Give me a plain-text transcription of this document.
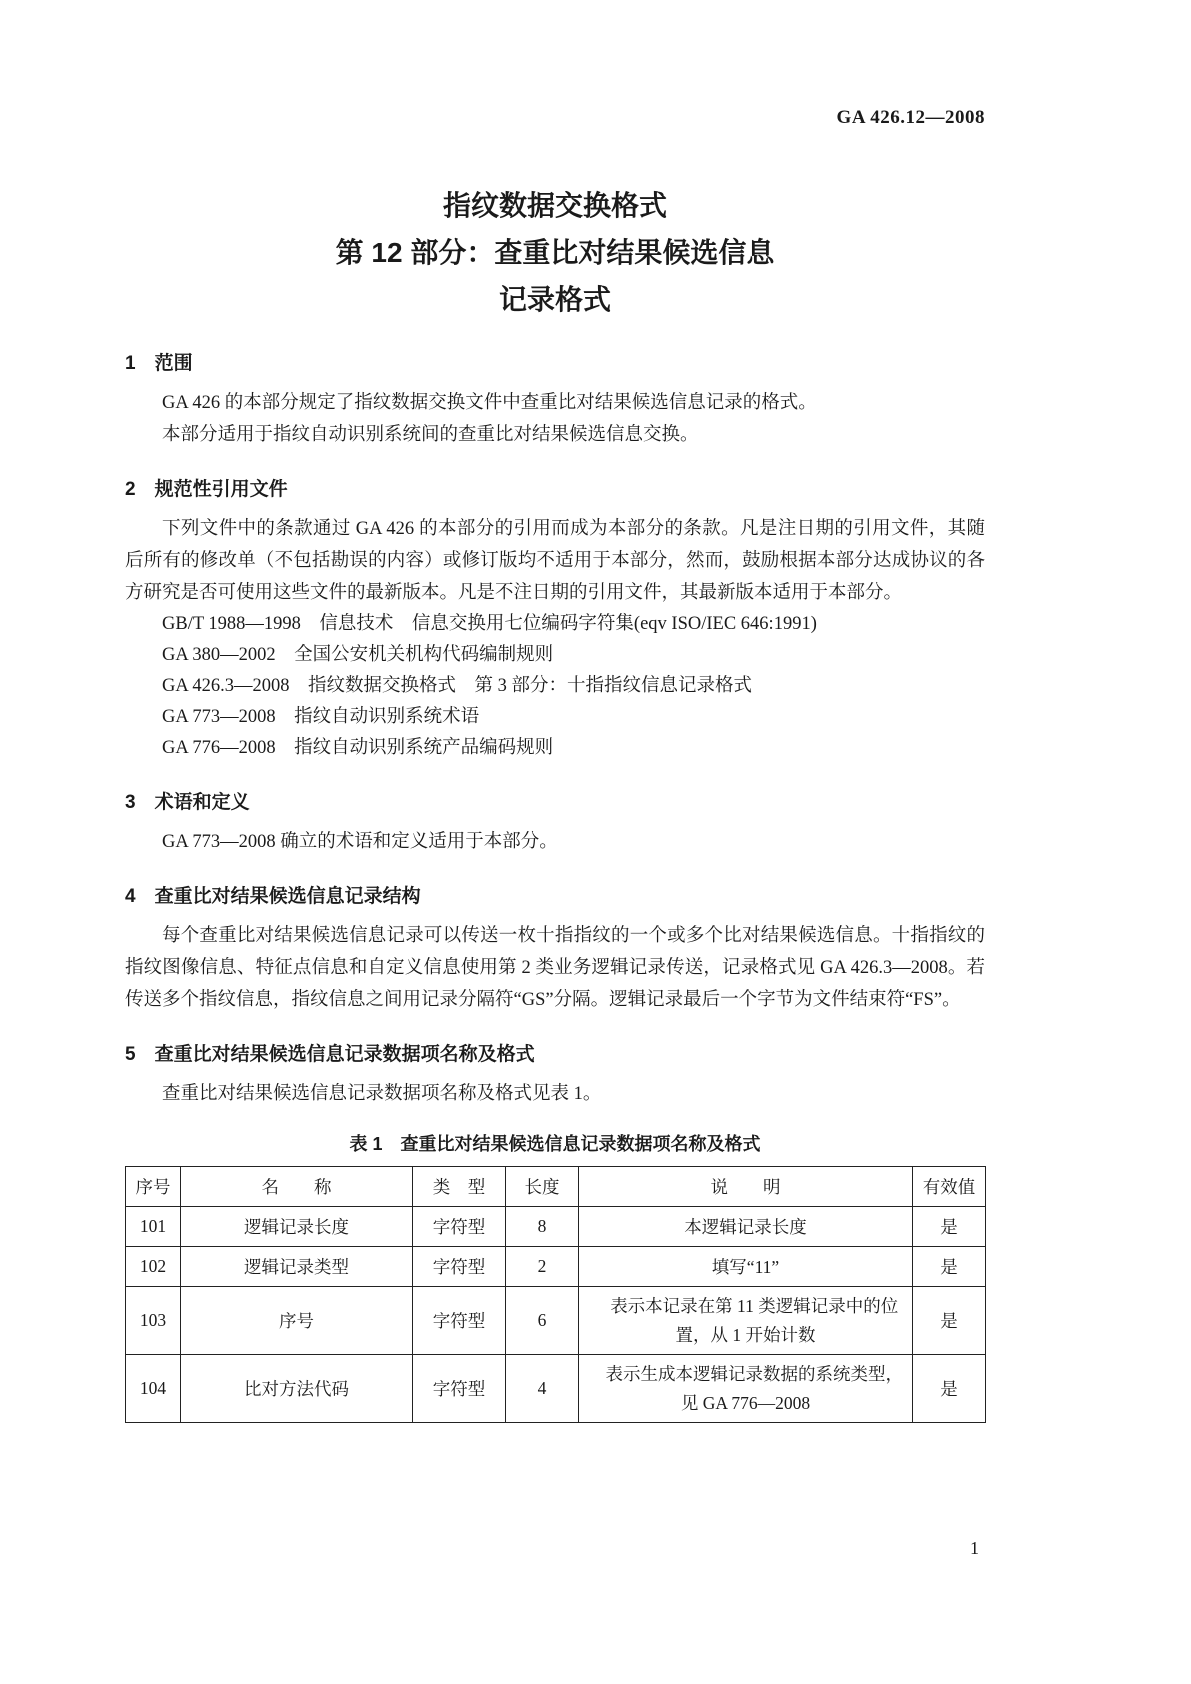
GA 426.12—2008
指纹数据交换格式
第 12 部分：查重比对结果候选信息
记录格式
1　范围

GA 426 的本部分规定了指纹数据交换文件中查重比对结果候选信息记录的格式。

本部分适用于指纹自动识别系统间的查重比对结果候选信息交换。

2　规范性引用文件

下列文件中的条款通过 GA 426 的本部分的引用而成为本部分的条款。凡是注日期的引用文件，其随后所有的修改单（不包括勘误的内容）或修订版均不适用于本部分，然而，鼓励根据本部分达成协议的各方研究是否可使用这些文件的最新版本。凡是不注日期的引用文件，其最新版本适用于本部分。

GB/T 1988—1998　信息技术　信息交换用七位编码字符集(eqv ISO/IEC 646:1991)
GA 380—2002　全国公安机关机构代码编制规则
GA 426.3—2008　指纹数据交换格式　第 3 部分：十指指纹信息记录格式
GA 773—2008　指纹自动识别系统术语
GA 776—2008　指纹自动识别系统产品编码规则
3　术语和定义

GA 773—2008 确立的术语和定义适用于本部分。

4　查重比对结果候选信息记录结构

每个查重比对结果候选信息记录可以传送一枚十指指纹的一个或多个比对结果候选信息。十指指纹的指纹图像信息、特征点信息和自定义信息使用第 2 类业务逻辑记录传送，记录格式见 GA 426.3—2008。若传送多个指纹信息，指纹信息之间用记录分隔符“GS”分隔。逻辑记录最后一个字节为文件结束符“FS”。

5　查重比对结果候选信息记录数据项名称及格式

查重比对结果候选信息记录数据项名称及格式见表 1。

表 1　查重比对结果候选信息记录数据项名称及格式
序号	名　　称	类　型	长度	说　　明	有效值
101	逻辑记录长度	字符型	8	本逻辑记录长度	是
102	逻辑记录类型	字符型	2	填写“11”	是
103	序号	字符型	6	表示本记录在第 11 类逻辑记录中的位置，从 1 开始计数	是
104	比对方法代码	字符型	4	表示生成本逻辑记录数据的系统类型，见 GA 776—2008	是
1
